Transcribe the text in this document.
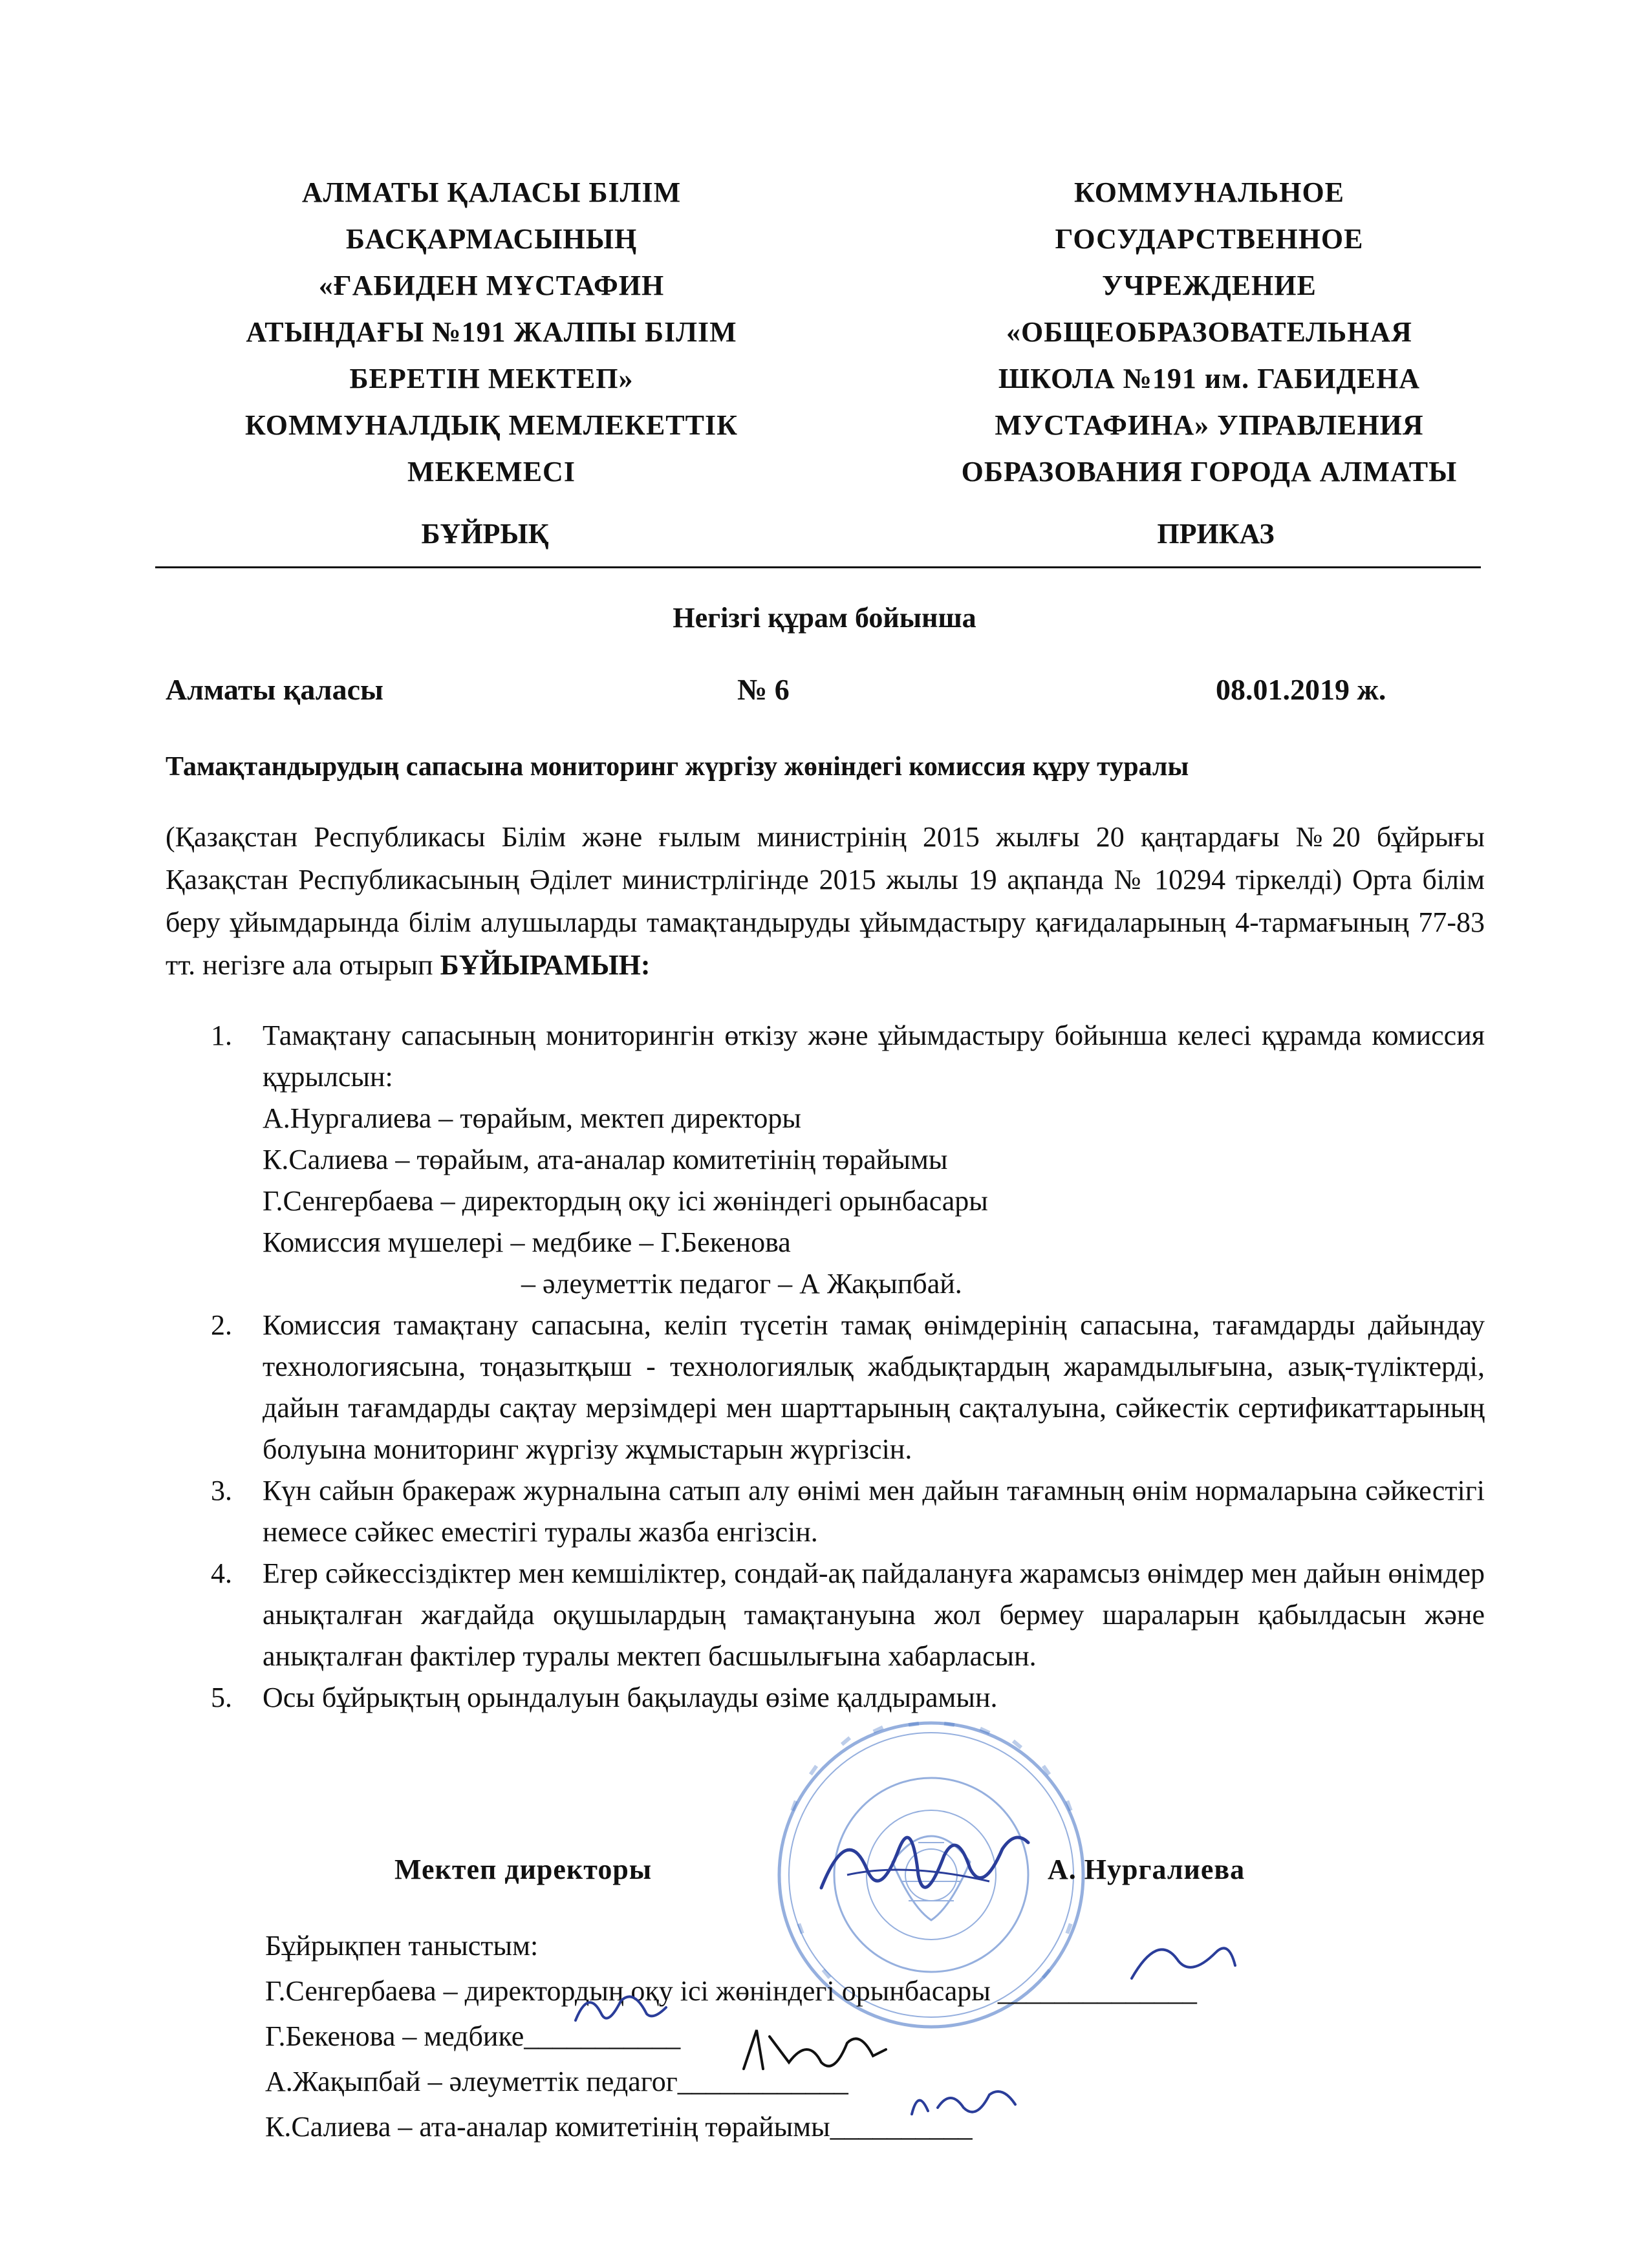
АЛМАТЫ ҚАЛАСЫ БІЛІМ
БАСҚАРМАСЫНЫҢ
«ҒАБИДЕН МҰСТАФИН
АТЫНДАҒЫ №191 ЖАЛПЫ БІЛІМ
БЕРЕТІН МЕКТЕП»
КОММУНАЛДЫҚ МЕМЛЕКЕТТІК
МЕКЕМЕСІ
КОММУНАЛЬНОЕ
ГОСУДАРСТВЕННОЕ
УЧРЕЖДЕНИЕ
«ОБЩЕОБРАЗОВАТЕЛЬНАЯ
ШКОЛА №191 им. ГАБИДЕНА
МУСТАФИНА» УПРАВЛЕНИЯ
ОБРАЗОВАНИЯ ГОРОДА АЛМАТЫ
БҰЙРЫҚ	ПРИКАЗ
Негізгі құрам бойынша
Алматы қаласы	№ 6	08.01.2019 ж.
Тамақтандырудың сапасына мониторинг жүргізу жөніндегі комиссия құру туралы
(Қазақстан Республикасы Білім және ғылым министрінің 2015 жылғы 20 қаңтардағы №20 бұйрығы Қазақстан Республикасының Әділет министрлігінде 2015 жылы 19 ақпанда № 10294 тіркелді) Орта білім беру ұйымдарында білім алушыларды тамақтандыруды ұйымдастыру қағидаларының 4-тармағының 77-83 тт. негізге ала отырып БҰЙЫРАМЫН:
1. Тамақтану сапасының мониторингін өткізу және ұйымдастыру бойынша келесі құрамда комиссия құрылсын:
А.Нургалиева – төрайым, мектеп директоры
К.Салиева – төрайым, ата-аналар комитетінің төрайымы
Г.Сенгербаева – директордың оқу ісі жөніндегі орынбасары
Комиссия мүшелері – медбике – Г.Бекенова
– әлеуметтік педагог – А Жақыпбай.
2. Комиссия тамақтану сапасына, келіп түсетін тамақ өнімдерінің сапасына, тағамдарды дайындау технологиясына, тоңазытқыш - технологиялық жабдықтардың жарамдылығына, азық-түліктерді, дайын тағамдарды сақтау мерзімдері мен шарттарының сақталуына, сәйкестік сертификаттарының болуына мониторинг жүргізу жұмыстарын жүргізсін.
3. Күн сайын бракераж журналына сатып алу өнімі мен дайын тағамның өнім нормаларына сәйкестігі немесе сәйкес еместігі туралы жазба енгізсін.
4. Егер сәйкессіздіктер мен кемшіліктер, сондай-ақ пайдалануға жарамсыз өнімдер мен дайын өнімдер анықталған жағдайда оқушылардың тамақтануына жол бермеу шараларын қабылдасын және анықталған фактілер туралы мектеп басшылығына хабарласын.
5. Осы бұйрықтың орындалуын бақылауды өзіме қалдырамын.
Мектеп директоры	А. Нургалиева
Бұйрықпен таныстым:
Г.Сенгербаева – директордың оқу ісі жөніндегі орынбасары ______________
Г.Бекенова – медбике___________
А.Жақыпбай – әлеуметтік педагог____________
К.Салиева – ата-аналар комитетінің төрайымы__________
